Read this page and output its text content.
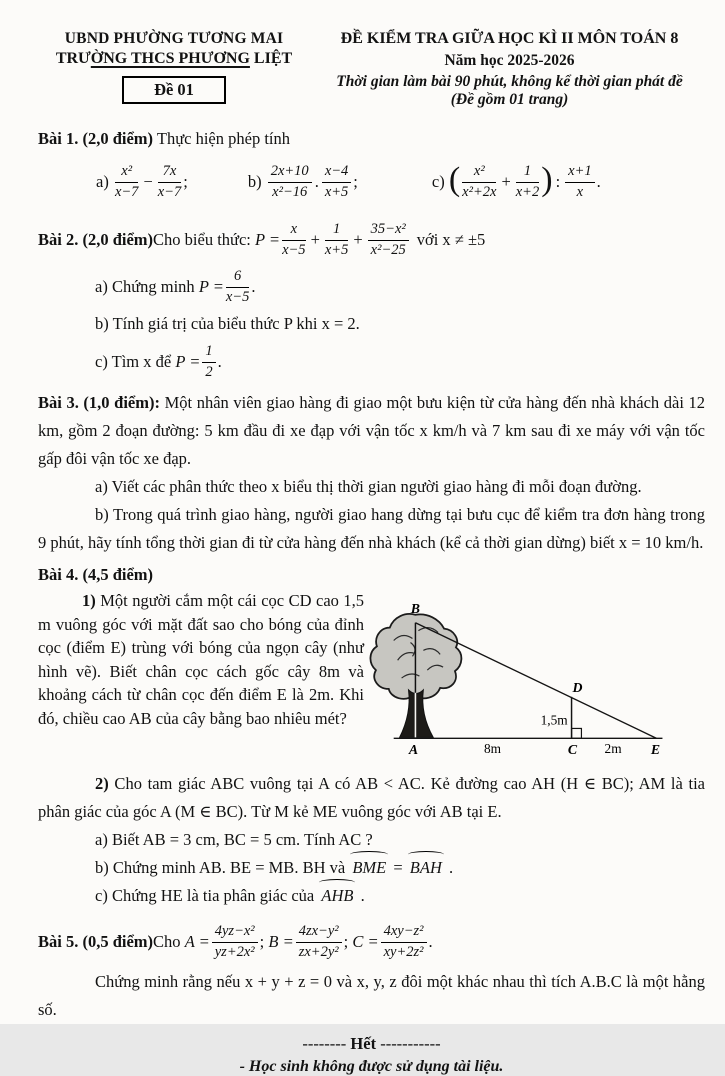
UBND PHƯỜNG TƯƠNG MAI
TRƯỜNG THCS PHƯƠNG LIỆT
Đề 01
ĐỀ KIỂM TRA GIỮA HỌC KÌ II MÔN TOÁN 8
Năm học 2025-2026
Thời gian làm bài 90 phút, không kể thời gian phát đề
(Đề gồm 01 trang)

Bài 1. (2,0 điểm) Thực hiện phép tính

a)

x²
x−7
− $\frac{7x}{x-7}$ ;	b)

2x+10
x²−16
.
x−4
x+5
;	c)
( x²
x²+2x
+ $\frac{1}{x+2}$ ) :
x+1
x
.
Bài 2. (2,0 điểm) Cho biểu thức:
$P = \frac{x}{x-5} + \frac{1}{x+5} + \frac{\text{35−x²}}{\text{x²−25}}$ với x ≠ ±5
a) Chứng minh
$P = \frac{6}{x-5}$ .

b) Tính giá trị của biểu thức P khi x = 2.

c) Tìm x để
$P = \frac{1}{2}$ .

Bài 3. (1,0 điểm): Một nhân viên giao hàng đi giao một bưu kiện từ cửa hàng đến nhà khách dài 12 km, gồm 2 đoạn đường: 5 km đầu đi xe đạp với vận tốc x km/h và 7 km sau đi xe máy với vận tốc gấp đôi vận tốc xe đạp.

a) Viết các phân thức theo x biểu thị thời gian người giao hàng đi mỗi đoạn đường.

b) Trong quá trình giao hàng, người giao hang dừng tại bưu cục để kiểm tra đơn hàng trong 9 phút, hãy tính tổng thời gian đi từ cửa hàng đến nhà khách (kể cả thời gian dừng) biết x = 10 km/h.

Bài 4. (4,5 điểm)

1) Một người cắm một cái cọc CD cao 1,5 m vuông góc với mặt đất sao cho bóng của đỉnh cọc (điểm E) trùng với bóng của ngọn cây (như hình vẽ). Biết chân cọc cách gốc cây 8m và khoảng cách từ chân cọc đến điểm E là 2m. Khi đó, chiều cao AB của cây bằng bao nhiêu mét?
B
D
A	C	E
1,5m
8m	2m

2) Cho tam giác ABC vuông tại A có AB < AC. Kẻ đường cao AH (H ∈ BC); AM là tia phân giác của góc A (M ∈ BC). Từ M kẻ ME vuông góc với AB tại E.

a) Biết AB = 3 cm, BC = 5 cm. Tính AC ?

b) Chứng minh AB. BE = MB. BH và BME = BAH .

c) Chứng HE là tia phân giác của AHB .

Bài 5. (0,5 điểm) Cho
$A = \frac{\text{4yz−x²}}{\text{yz+2x²}}$ ;
$B = \frac{\text{4zx−y²}}{\text{zx+2y²}}$ ;
$C = \frac{\text{4xy−z²}}{\text{xy+2z²}}$ .

Chứng minh rằng nếu x + y + z = 0 và x, y, z đôi một khác nhau thì tích A.B.C là một hằng số.

-------- Hết -----------
- Học sinh không được sử dụng tài liệu.
